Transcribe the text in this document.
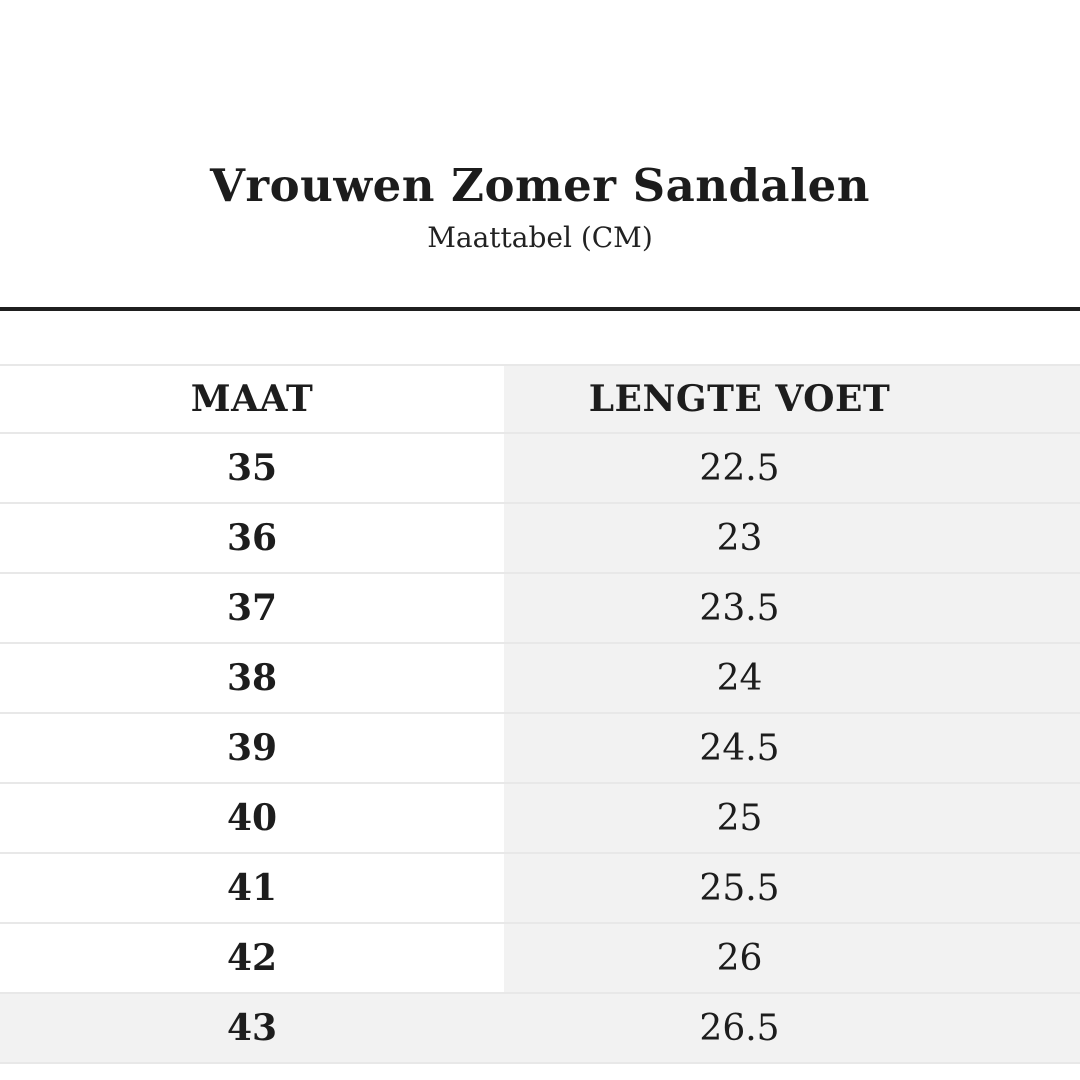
Vrouwen Zomer Sandalen
Maattabel (CM)
MAAT	LENGTE VOET
35	22.5
36	23
37	23.5
38	24
39	24.5
40	25
41	25.5
42	26
43	26.5
